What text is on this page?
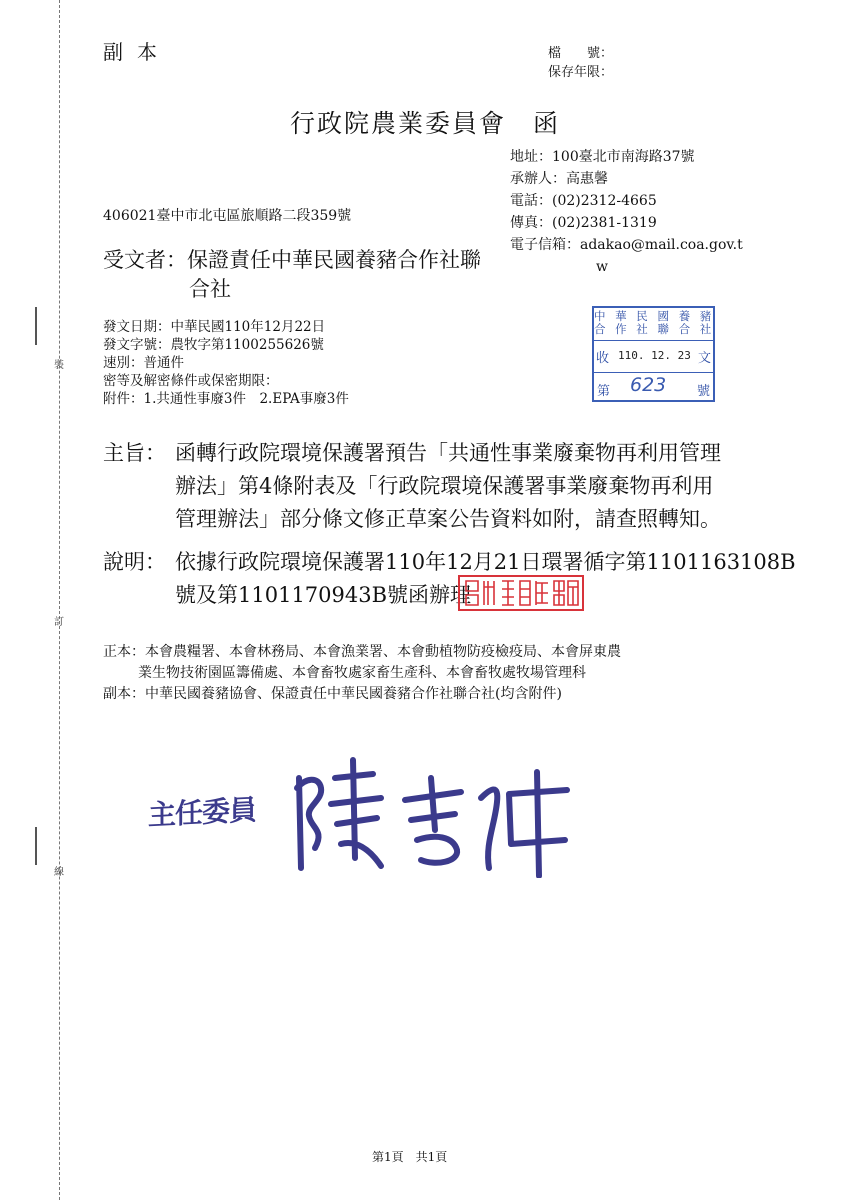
裝
訂
線
副本	檔　　號：
保存年限：
行政院農業委員會　函
地址：100臺北市南海路37號
承辦人：高惠馨
電話：(02)2312-4665
傳真：(02)2381-1319
電子信箱：adakao@mail.coa.gov.t
w
406021臺中市北屯區旅順路二段359號
受文者：保證責任中華民國養豬合作社聯
合社
發文日期：中華民國110年12月22日
發文字號：農牧字第1100255626號
速別：普通件
密等及解密條件或保密期限：
附件：1.共通性事廢3件　2.EPA事廢3件
中 華 民 國 養 豬
合 作 社 聯 合 社
收 110. 12. 23 文
第 623 號
主旨： 函轉行政院環境保護署預告「共通性事業廢棄物再利用管理
辦法」第4條附表及「行政院環境保護署事業廢棄物再利用
管理辦法」部分條文修正草案公告資料如附，請查照轉知。
說明： 依據行政院環境保護署110年12月21日環署循字第1101163108B
號及第1101170943B號函辦理
正本：本會農糧署、本會林務局、本會漁業署、本會動植物防疫檢疫局、本會屏東農
業生物技術園區籌備處、本會畜牧處家畜生產科、本會畜牧處牧場管理科
副本：中華民國養豬協會、保證責任中華民國養豬合作社聯合社(均含附件)
主任委員
第1頁　共1頁
